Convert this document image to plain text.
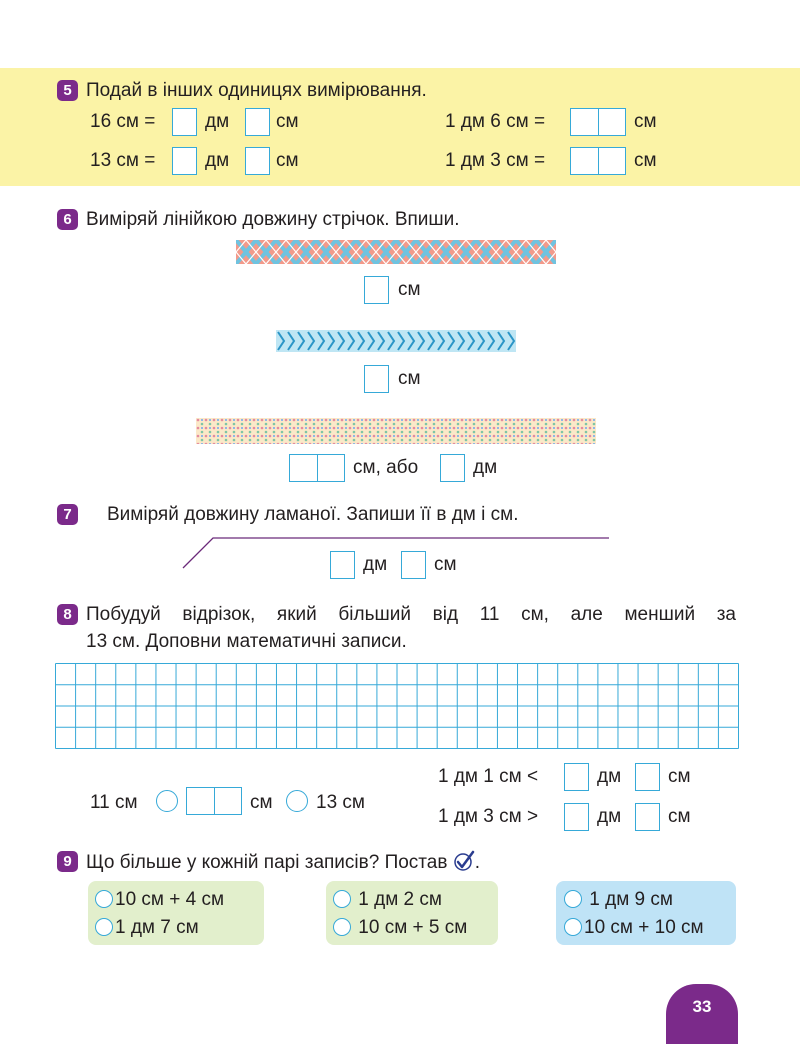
5 Подай в інших одиницях вимірювання.
16 см =	дм см	1 дм 6 см =	см
13 см =	дм см	1 дм 3 см =	см
6 Виміряй лінійкою довжину стрічок. Впиши.
см
см
см, або	дм
7	Виміряй довжину ламаної. Запиши її в дм і см.
дм см
8 Побудуй відрізок, який більший від 11 см, але менший за
13 см. Доповни математичні записи.
11 см	см 13 см
1 дм 1 см <	дм см
1 дм 3 см >	дм см
9 Що більше у кожній парі записів? Постав .
10 см + 4 см
1 дм 7 см
1 дм 2 см
10 см + 5 см
1 дм 9 см
10 см + 10 см
33
